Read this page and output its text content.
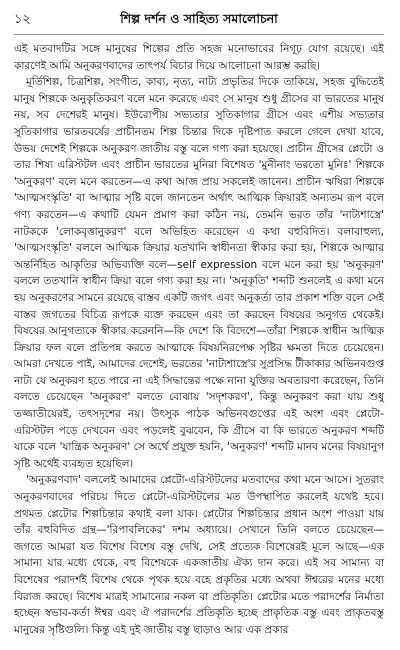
১২	শিল্প দর্শন ও সাহিত্য সমালোচনা

এই মতবাদটির সঙ্গে মানুষের শিল্পের প্রতি সহজ মনোভাবের নিগূঢ় যোগ রয়েছে। এই কারণেই আমি অনুকরণবাদের তাৎপর্য বিচার দিয়ে আলোচনা আরম্ভ করছি।

মূর্তিশিল্প, চিত্রশিল্প, সংগীত, কাব্য, নৃত্য, নাট্য প্রভৃতির দিকে তাকিয়ে, সহজ বুদ্ধিতেই মানুষ শিল্পকে অনুকৃতিকরণ বলে মনে করেছে এবং সে মানুষ শুধু গ্রীসের বা ভারতের মানুষ নয়, সব দেশেরই মানুষ। ইউরোপীয় সভ্যতার সুতিকাগার গ্রীসে এবং এশীয় সভ্যতার সুতিকাগার ভারতবর্ষের প্রাচীনতম শিল্প চিন্তার দিকে দৃষ্টিপাত করলে গেলে দেখা যাবে, উভয় দেশেই শিল্পকে অনুকরণ জাতীয় বস্তু বলে গণ্য করা হয়েছে। প্রাচীন গ্রীসের প্লেটো ও তার শিষ্য এরিস্টটল এবং প্রাচীন ভারতের মুনিরা বিশেষত 'মুনীনাং ভরতো মুনিঃ' শিল্পকে 'অনুকরণ' বলে মনে করতেন—এ কথা আজ প্রায় সকলেই জানেন। প্রাচীন ঋষিরা শিল্পকে 'আত্মসংস্কৃতি' বা আত্মার সৃষ্টি বলে জানতেন অর্থাৎ আত্মিক ক্রিয়ারই অন্যতম রূপ বলে গণ্য করতেন—এ কথাটি যেমন প্রমাণ করা কঠিন নয়, তেমনি ভরত তাঁর 'নাট্যশাস্ত্রে' নাটককে 'লোকবৃত্তানুকরণ' বলে অভিহিত করেছেন এ কথা বহুবিদিত। বলাবাহুল্য, 'আত্মসংস্কৃতি' বললে আত্মিক ক্রিয়ার যতখানি স্বাধীনতা স্বীকার করা হয়, শিল্পকে আত্মার অন্তর্নিহিত আকৃতির অভিব্যক্তি বলে—self expression বলে মনে করা হয় 'অনুকরণ' বললে ততখানি স্বাধীন ক্রিয়া বলে গণ্য করা হয় না। 'অনুকৃতি' শব্দটি শুনলেই এ কথা মনে হয় অনুকরণের সামনে রয়েছে বাস্তব একটি জগৎ এবং অনুকর্তা তার প্রকাশ শক্তি বলে সেই বাস্তব জগতের বিচিত্র রূপকে ব্যক্ত করছেন এবং তা করছেন বিষয়ের অনুগত থেকেই। বিষয়ের আনুগত্যকে স্বীকার করেননি—কি দেশে কি বিদেশে—তাঁরা শিল্পকে স্বাধীন আত্মিক ক্রিয়ার ফল বলে প্রতিপন্ন করতে আত্মাকে বিষয়নিরপেক্ষ সৃষ্টির ক্ষমতা দিতে চেয়েছেন। আমরা দেখতে পাই, আমাদের দেশেই, ভরতের 'নাট্যশাস্ত্রে'র সুপ্রসিদ্ধ টীকাকার অভিনবগুপ্ত নাট্য যে অনুকরণ হতে পারে না এই সিদ্ধান্তের পক্ষে নানা যুক্তির অবতারণা করেছেন, তিনি বলতে চেয়েছেন 'অনুকরণ' বলতে বোঝায় 'সদৃশকরণ', কিন্তু অনুকরণ করা যায় শুধু তজ্জাতীয়েরই, তৎসদৃশের নয়। উৎসুক পাঠক অভিনবগুপ্তের এই অংশ এবং প্লেটো-এরিস্টটল পড়ে দেখবেন এবং পড়লেই বুঝবেন, কি গ্রীসে বা কি ভারতে অনুকরণ শব্দটি যাকে বলে 'যান্ত্রিক অনুকরণ' সে অর্থে প্রযুক্ত হয়নি, 'অনুকরণ' শব্দটি মানব মনের বিষয়ানুগ সৃষ্টি অর্থেই ব্যবহৃত হয়েছিল।

'অনুকরণবাদ' বললেই আমাদের প্লেটো-এরিস্টটলের মতবাদের কথা মনে আসে। সুতরাং অনুকরণবাদের পরিচয় দিতে প্লেটো-এরিস্টটলের মত উপস্থাপিত করলেই যথেষ্ট হবে। প্রথমত প্লেটোর শিল্পচিন্তার কথাই বলা যাক। প্লেটোর শিল্পচিন্তার প্রধান অংশ পাওয়া যায় তাঁর বহুবিদিত গ্রন্থ—'রিপাবলিকের' দশম অধ্যায়ে। সেখানে তিনি বলতে চেয়েছেন—জগতে আমরা যত বিশেষ বিশেষ বস্তু দেখি, সেই প্রত্যেক বিশেষেরই মূলে আছে—এক সামান্য যার মধ্যে থেকে, বহু বিশেষকে একজাতীয় ঐক্য দান করে। এই সব সামান্য বা বিশেষের পরাদর্শই বিশেষ থেকে পৃথক হয়ে বহে প্রকৃতির মধ্যে অথবা ঈশ্বরের মনের মধ্যে বিরাজ করছে। বিশেষ মাত্রই সামান্যের নকল বা প্রতিকৃতি। প্লেটোর মতে পরাদর্শের নির্মাতা হচ্ছেন স্বভাব-কর্তা ঈশ্বর এবং ঐ পরাদর্শের প্রতিকৃতি হচ্ছে প্রাকৃতিক বস্তু এবং প্রাকৃতবস্তু মানুষের সৃষ্টিগুলি। কিন্তু এই দুই জাতীয় বস্তু ছাড়াও আর এক প্রকার
